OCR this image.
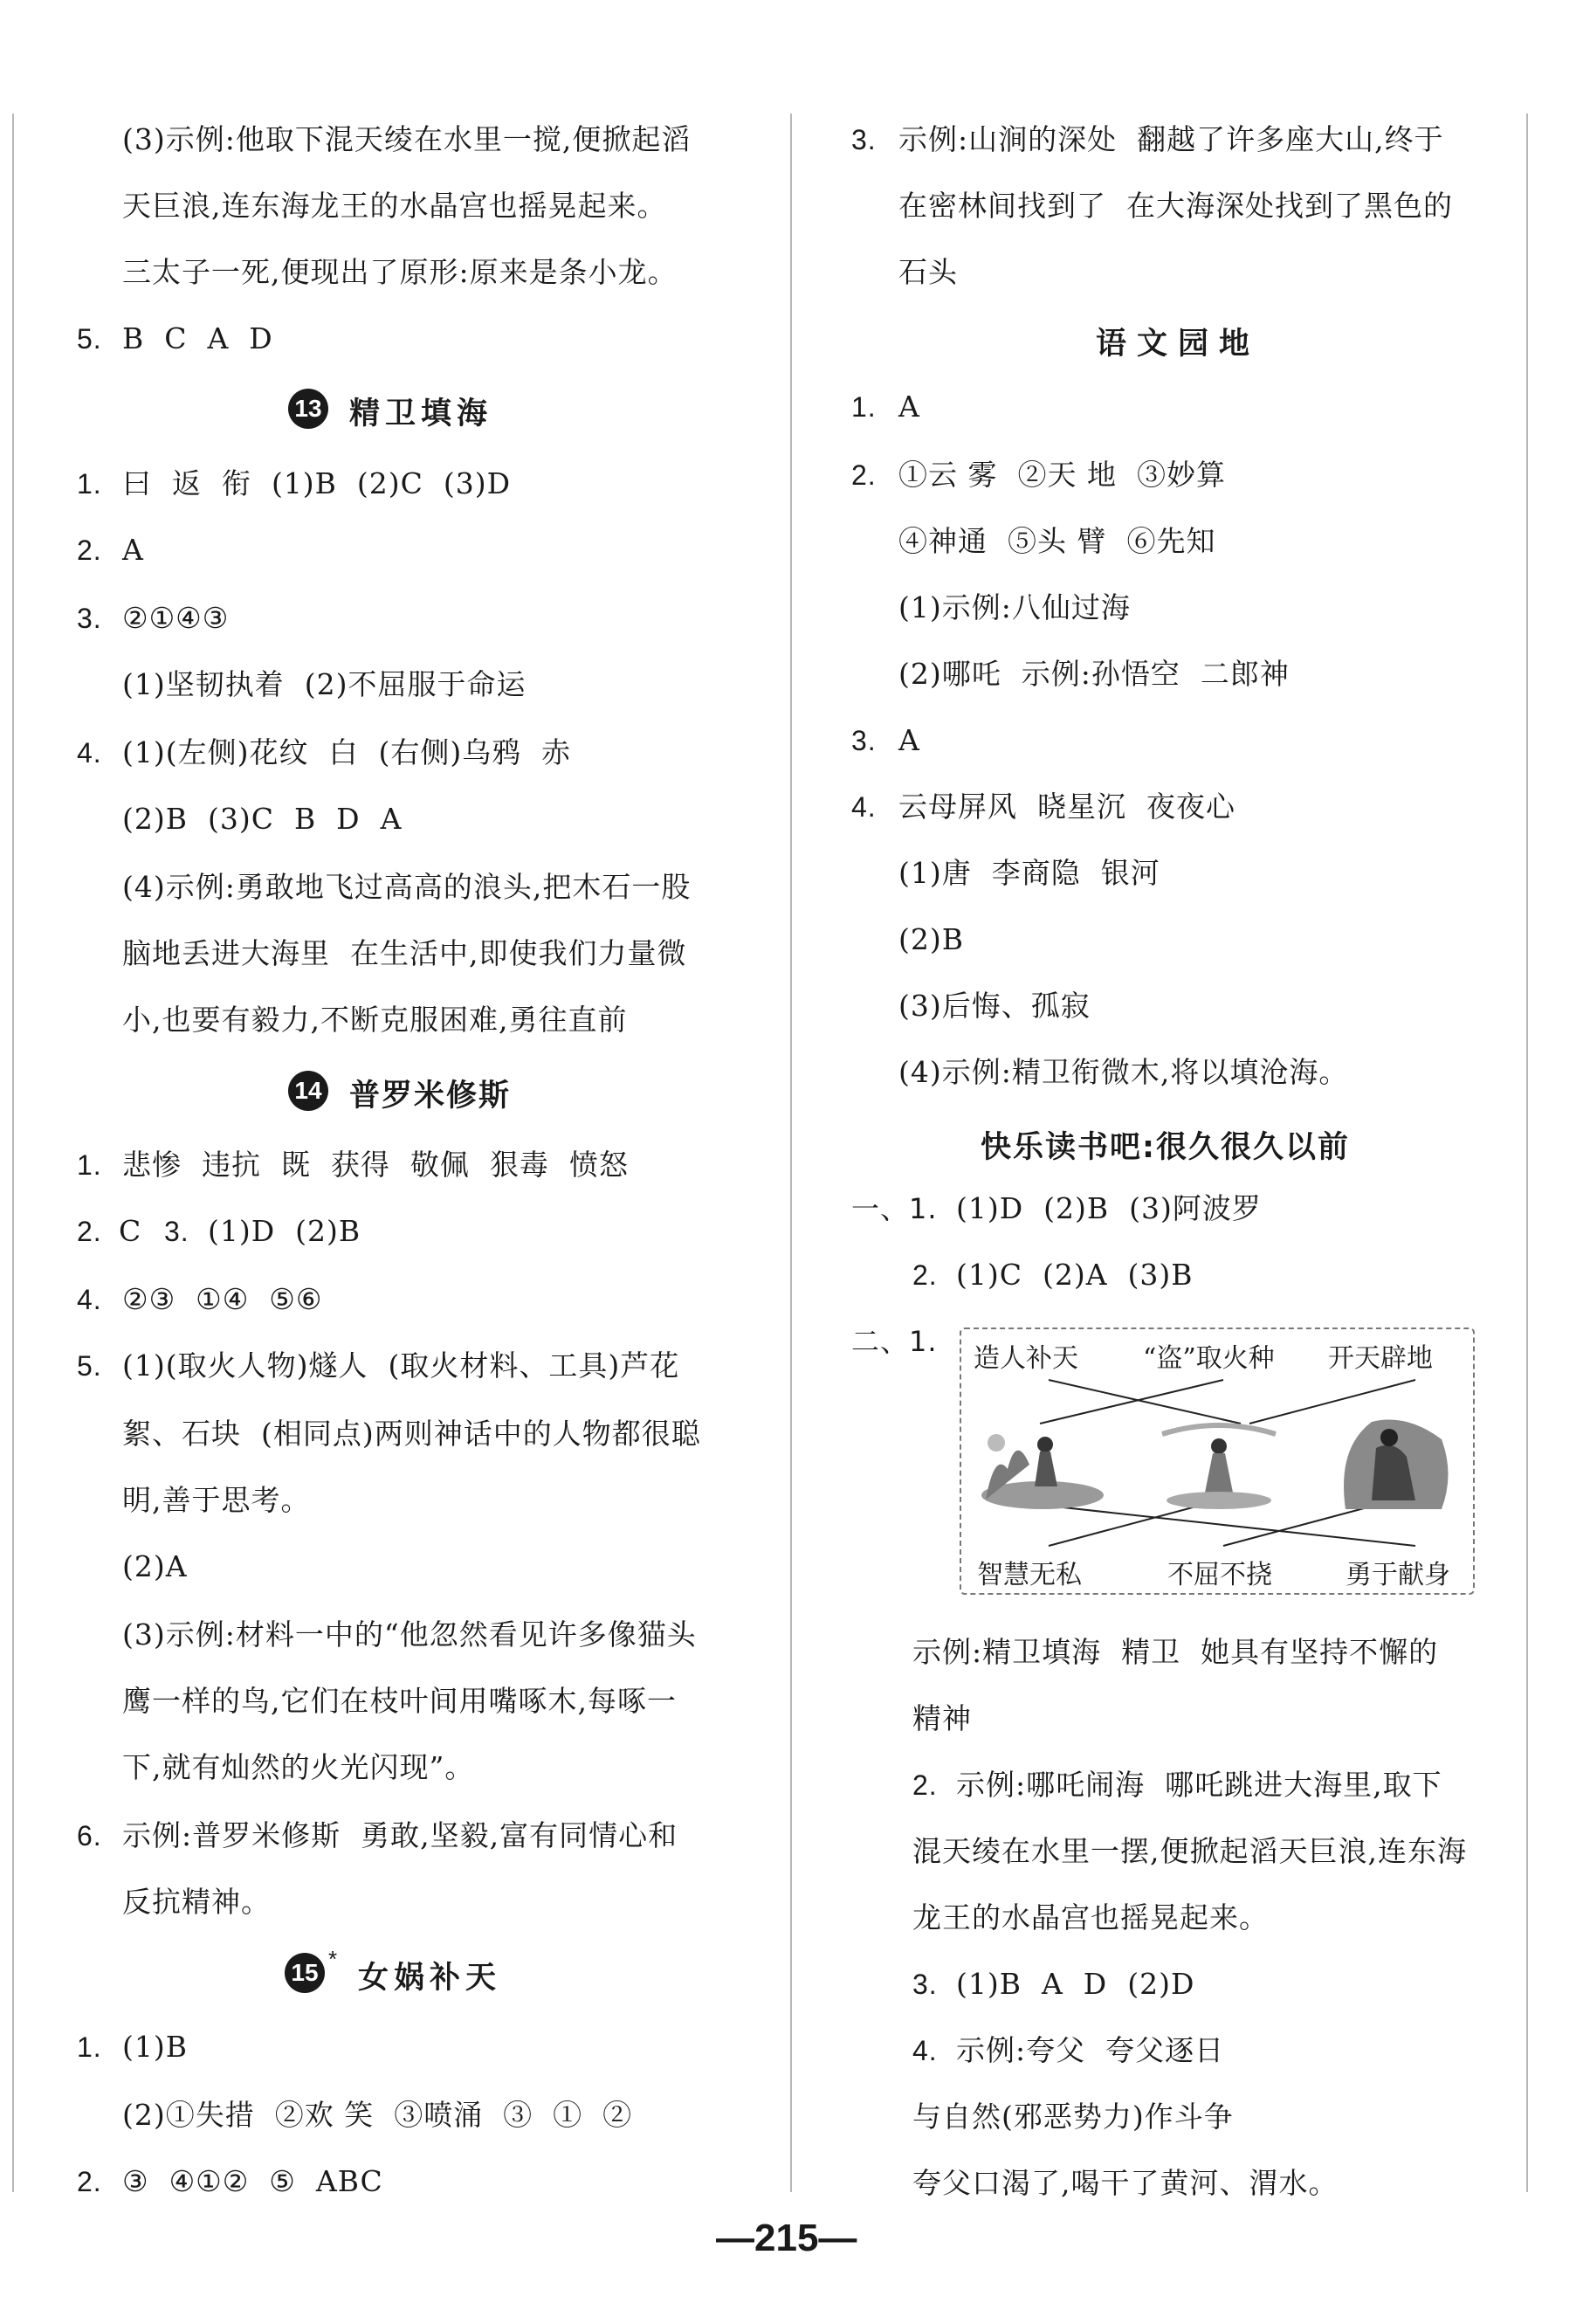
(3)示例:他取下混天绫在水里一搅,便掀起滔
天巨浪,连东海龙王的水晶宫也摇晃起来。
三太子一死,便现出了原形:原来是条小龙。
5. B  C  A  D
13 精卫填海
1. 曰  返  衔  (1)B  (2)C  (3)D
2. A
3. ②①④③
(1)坚韧执着  (2)不屈服于命运
4. (1)(左侧)花纹  白  (右侧)乌鸦  赤
(2)B  (3)C  B  D  A
(4)示例:勇敢地飞过高高的浪头,把木石一股
脑地丢进大海里  在生活中,即使我们力量微
小,也要有毅力,不断克服困难,勇往直前
14 普罗米修斯
1. 悲惨  违抗  既  获得  敬佩  狠毒  愤怒
2. C 3. (1)D  (2)B
4. ②③  ①④  ⑤⑥
5. (1)(取火人物)燧人  (取火材料、工具)芦花
絮、石块  (相同点)两则神话中的人物都很聪
明,善于思考。
(2)A
(3)示例:材料一中的“他忽然看见许多像猫头
鹰一样的鸟,它们在枝叶间用嘴啄木,每啄一
下,就有灿然的火光闪现”。
6. 示例:普罗米修斯  勇敢,坚毅,富有同情心和
反抗精神。
15 *
女娲补天
1. (1)B
(2)①失措  ②欢 笑  ③喷涌  ③  ①  ②
2. ③  ④①②  ⑤  ABC
3. 示例:山涧的深处  翻越了许多座大山,终于
在密林间找到了  在大海深处找到了黑色的
石头
语文园地
1. A
2. ①云 雾  ②天 地  ③妙算
④神通  ⑤头 臂  ⑥先知
(1)示例:八仙过海
(2)哪吒  示例:孙悟空  二郎神
3. A
4. 云母屏风  晓星沉  夜夜心
(1)唐  李商隐  银河
(2)B
(3)后悔、孤寂
(4)示例:精卫衔微木,将以填沧海。
快乐读书吧:很久很久以前
一、1. (1)D  (2)B  (3)阿波罗
2. (1)C  (2)A  (3)B
二、1.
造人补天 “盗”取火种 开天辟地
智慧无私	不屈不挠	勇于献身
示例:精卫填海  精卫  她具有坚持不懈的
精神
2. 示例:哪吒闹海  哪吒跳进大海里,取下
混天绫在水里一摆,便掀起滔天巨浪,连东海
龙王的水晶宫也摇晃起来。
3. (1)B  A  D  (2)D
4. 示例:夸父  夸父逐日
与自然(邪恶势力)作斗争
夸父口渴了,喝干了黄河、渭水。
—215—
